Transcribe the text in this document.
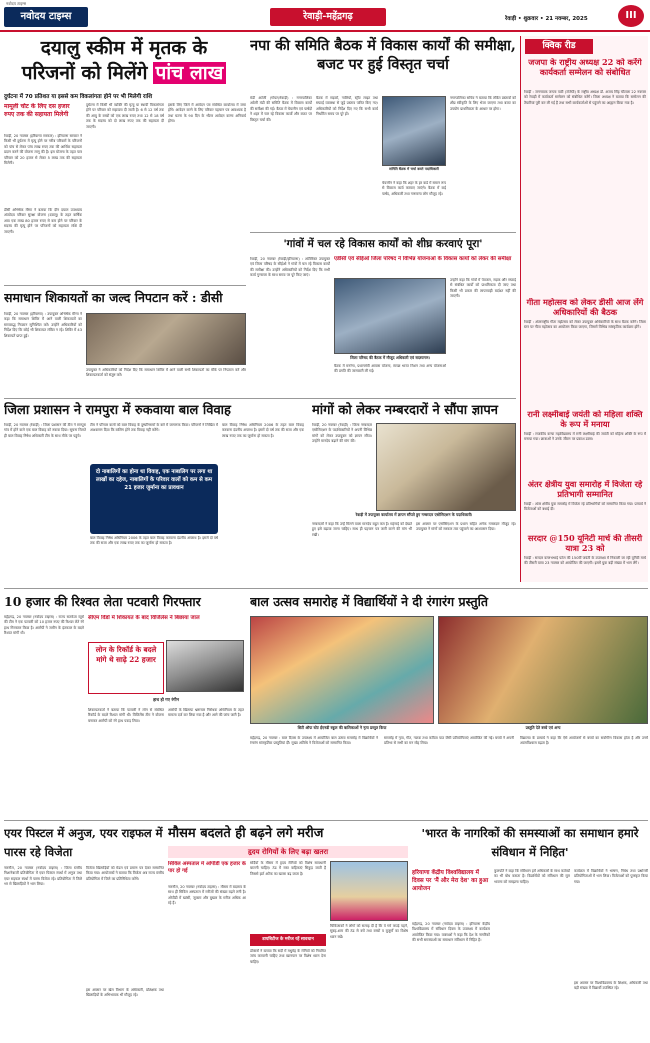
नवोदय टाइम्स
नवोदय टाइम्स	रेवाड़ी-महेंद्रगढ़	रेवाड़ी • शुक्रवार • 21 नवम्बर, 2025	III
दयालु स्कीम में मृतक के
परिजनों को मिलेंगे पांच लाख
दुर्घटना में 70 प्रतिशत या इससे कम विकलांगता होने पर भी मिलेगी राशि
मामूली चोट के लिए दस हजार रुपए तक की सहायता मिलेगी
रेवाड़ी, 20 नवम्बर (हरियाणा सरकार) : हरियाणा सरकार ने किसी भी दुर्घटना में मृत्यु होने पर गरीब परिवारों के परिजनों को पांच से लेकर पांच लाख रुपए तक की आर्थिक सहायता प्रदान करने की योजना लागू की है। इस योजना के तहत पात्र परिवार को 20 हजार से लेकर 5 लाख तक की सहायता मिलेगी।
डीसी अभिषेक मीणा ने बताया कि दीन दयाल उपाध्याय अंत्योदय परिवार सुरक्षा योजना (दयालु) के तहत वार्षिक आय एक लाख 80 हजार रुपए से कम होने पर परिवार के सदस्य की मृत्यु होने पर परिजनों को सहायता राशि दी जाएगी।
दुर्घटना में किसी भी व्यक्ति की मृत्यु या स्थायी विकलांगता होने पर परिवार को सहायता दी जाती है। 6 से 12 वर्ष तक की आयु के बच्चों को एक लाख रुपए तथा 12 से 18 वर्ष तक के सदस्य को दो लाख रुपए तक की सहायता दी जाएगी।
इसके लिए जिले में आवेदन पत्र संबंधित कार्यालय में जमा होंगे। आवेदन करने के लिए परिवार पहचान पत्र आवश्यक है तथा घटना के 90 दिन के भीतर आवेदन करना अनिवार्य होगा।
समाधान शिकायतों का जल्द निपटान करें : डीसी
रेवाड़ी, 20 नवम्बर (हरियाणा) : उपायुक्त अभिषेक मीणा ने कहा कि समाधान शिविर में आने वाली शिकायतों का समयबद्ध निपटान सुनिश्चित करें। उन्होंने अधिकारियों को निर्देश दिए कि कोई भी शिकायत लंबित न रहे। शिविर में 43 शिकायतें प्राप्त हुईं।
उपायुक्त ने अधिकारियों को निर्देश दिए कि समाधान शिविर में आने वाली सभी शिकायतों का मौके पर निपटारा करें और शिकायतकर्ता को संतुष्ट करें।
नपा की समिति बैठक में विकास कार्यों की समीक्षा, बजट पर हुई विस्तृत चर्चा
मंडी अटेली (गोयल/रेवाड़ी) : नगरपालिका अटेली मंडी की समिति बैठक में विकास कार्यों की समीक्षा की गई। बैठक में चेयरमैन एवं पार्षदों ने शहर में चल रहे विकास कार्यों और बजट पर विस्तृत चर्चा की।
बैठक में सड़कों, नालियों, स्ट्रीट लाइट तथा सफाई व्यवस्था से जुड़े प्रस्ताव पारित किए गए। अधिकारियों को निर्देश दिए गए कि सभी कार्य निर्धारित समय पर पूरे हों।
समिति बैठक में चर्चा करते पदाधिकारी
चेयरमैन ने कहा कि शहर के हर वार्ड में समान रूप से विकास कार्य करवाए जाएंगे। बैठक में कई पार्षद, अधिकारी तथा गणमान्य लोग मौजूद रहे।
नगरपालिका सचिव ने बताया कि लंबित प्रस्तावों को शीघ्र स्वीकृति के लिए भेजा जाएगा तथा बजट का उपयोग प्राथमिकता के आधार पर होगा।
'गांवों में चल रहे विकास कार्यों को शीघ्र करवाएं पूरा'
एडीसी एवं सीईओ जिला परिषद ने विभिन्न योजनाओं के विकास कार्यों को लेकर की समीक्षा
रेवाड़ी, 20 नवम्बर (रेवाड़ी/हरियाणा) : अतिरिक्त उपायुक्त एवं जिला परिषद के सीईओ ने गांवों में चल रहे विकास कार्यों की समीक्षा की। उन्होंने अधिकारियों को निर्देश दिए कि सभी कार्य गुणवत्ता के साथ समय पर पूरे किए जाएं।
जिला परिषद की बैठक में मौजूद अधिकारी एवं सदस्यगण।
बैठक में मनरेगा, प्रधानमंत्री आवास योजना, स्वच्छ भारत मिशन तथा अन्य योजनाओं की प्रगति की जानकारी ली गई।
उन्होंने कहा कि गांवों में पेयजल, सड़क और सफाई से संबंधित कार्यों को प्राथमिकता दी जाए तथा किसी भी प्रकार की लापरवाही बर्दाश्त नहीं की जाएगी।
क्विक रीड
जजपा के राष्ट्रीय अध्यक्ष 22 को करेंगे कार्यकर्ता सम्मेलन को संबोधित
रेवाड़ी : जननायक जनता पार्टी (जेजेपी) के राष्ट्रीय अध्यक्ष डॉ. अजय सिंह चौटाला 22 नवम्बर को रेवाड़ी में कार्यकर्ता सम्मेलन को संबोधित करेंगे। जिला अध्यक्ष ने बताया कि सम्मेलन की तैयारियां पूरी कर ली गई हैं तथा सभी कार्यकर्ताओं से पहुंचने का आह्वान किया गया है।
गीता महोत्सव को लेकर डीसी आज लेंगे अधिकारियों की बैठक
रेवाड़ी : अंतरराष्ट्रीय गीता महोत्सव को लेकर उपायुक्त अधिकारियों के साथ बैठक करेंगे। जिला स्तर पर गीता महोत्सव का आयोजन किया जाएगा, जिसमें विभिन्न सांस्कृतिक कार्यक्रम होंगे।
रानी लक्ष्मीबाई जयंती को महिला शक्ति के रूप में मनाया
रेवाड़ी : राजकीय कन्या महाविद्यालय में रानी लक्ष्मीबाई की जयंती को महिला शक्ति के रूप में मनाया गया। छात्राओं ने उनके जीवन पर प्रकाश डाला।
अंतर क्षेत्रीय युवा समारोह में विजेता रहे प्रतिभागी सम्मानित
रेवाड़ी : अंतर क्षेत्रीय युवा समारोह में विजेता रहे प्रतिभागियों को सम्मानित किया गया। प्राचार्य ने विजेताओं को बधाई दी।
सरदार @150 यूनिटी मार्च की तीसरी यात्रा 23 को
रेवाड़ी : सरदार वल्लभभाई पटेल की 150वीं जयंती के उपलक्ष्य में निकाली जा रही यूनिटी मार्च की तीसरी यात्रा 23 नवम्बर को आयोजित की जाएगी। इसमें युवा बड़ी संख्या में भाग लेंगे।
जिला प्रशासन ने रामपुरा में रुकवाया बाल विवाह
रेवाड़ी, 20 नवम्बर (रेवाड़ी) : जिला प्रशासन की टीम ने रामपुरा गांव में होने वाले एक बाल विवाह को रुकवा दिया। सूचना मिलते ही बाल विवाह निषेध अधिकारी टीम के साथ मौके पर पहुंचे।
दो नाबालिगों का होना था विवाह, एक नाबालिग पर लगा था लाखों का दहेज, नाबालिगों के परिवार वालों को कम से कम 21 हजार जुर्माना का प्रावधान
टीम ने परिवार वालों को बाल विवाह के दुष्परिणामों के बारे में जागरूक किया। परिजनों ने लिखित में आश्वासन दिया कि बालिग होने तक विवाह नहीं करेंगे।
बाल विवाह निषेध अधिनियम 2006 के तहत बाल विवाह करवाना दंडनीय अपराध है। इसमें दो वर्ष तक की सजा और एक लाख रुपए तक का जुर्माना हो सकता है।
बाल विवाह निषेध अधिनियम 2006 के तहत बाल विवाह करवाना दंडनीय अपराध है। इसमें दो वर्ष तक की सजा और एक लाख रुपए तक का जुर्माना हो सकता है।
मांगों को लेकर नम्बरदारों ने सौंपा ज्ञापन
रेवाड़ी, 20 नवम्बर (रेवाड़ी) : जिला नम्बरदार एसोसिएशन के पदाधिकारियों ने अपनी विभिन्न मांगों को लेकर उपायुक्त को ज्ञापन सौंपा। उन्होंने मानदेय बढ़ाने की मांग की।
रेवाड़ी में उपायुक्त कार्यालय में ज्ञापन सौंपते हुए नम्बरदार एसोसिएशन के पदाधिकारी।
नम्बरदारों ने कहा कि उन्हें मिलने वाला मानदेय बहुत कम है। महंगाई को देखते हुए इसे बढ़ाया जाना चाहिए। साथ ही पहचान पत्र जारी करने की मांग भी रखी।
इस अवसर पर एसोसिएशन के प्रधान सहित अनेक नम्बरदार मौजूद रहे। उपायुक्त ने मांगों को सरकार तक पहुंचाने का आश्वासन दिया।
10 हजार की रिश्वत लेता पटवारी गिरफ्तार
महेंद्रगढ़, 20 नवम्बर (नवोदय टाइम्स) : राज्य सतर्कता ब्यूरो की टीम ने एक पटवारी को 10 हजार रुपए की रिश्वत लेते रंगे हाथ गिरफ्तार किया है। आरोपी ने जमीन के इंतकाल के बदले रिश्वत मांगी थी।
सीएम विंडो में शिकायत के बाद विजिलेंस ने बिछाया जाल
लोन के रिकॉर्ड के बदले मांगे थे साढ़े 22 हजार
हाथ हो गए रंगीन
शिकायतकर्ता ने बताया कि पटवारी ने लोन से संबंधित रिकॉर्ड के बदले रिश्वत मांगी थी। विजिलेंस टीम ने योजना बनाकर आरोपी को रंगे हाथ पकड़ लिया।
आरोपी के खिलाफ भ्रष्टाचार निरोधक अधिनियम के तहत मामला दर्ज कर लिया गया है और आगे की जांच जारी है।
बाल उत्सव समारोह में विद्यार्थियों ने दी रंगारंग प्रस्तुति
सिटी ऑफ स्टेट ईएनडी स्कूल की बालिकाओं ने नृत्य प्रस्तुत किया	प्रस्तुति देते बच्चे एवं अन्य
महेंद्रगढ़, 20 नवम्बर : बाल दिवस के उपलक्ष्य में आयोजित बाल उत्सव समारोह में विद्यार्थियों ने रंगारंग सांस्कृतिक प्रस्तुतियां दीं। मुख्य अतिथि ने विजेताओं को सम्मानित किया।
समारोह में नृत्य, गीत, नाटक तथा कविता पाठ जैसी प्रतियोगिताएं आयोजित की गईं। बच्चों ने अपनी प्रतिभा से सभी का मन मोह लिया।
विद्यालय के प्राचार्य ने कहा कि ऐसे आयोजनों से बच्चों का सर्वांगीण विकास होता है और उनमें आत्मविश्वास बढ़ता है।
एयर पिस्टल में अनुज, एयर राइफल में पारस रहे विजेता
नारनौल, 20 नवम्बर (नवोदय टाइम्स) : जिला स्तरीय निशानेबाजी प्रतियोगिता में एयर पिस्टल स्पर्धा में अनुज तथा एयर राइफल स्पर्धा में पारस विजेता रहे। प्रतियोगिता में जिले भर से खिलाड़ियों ने भाग लिया।
विजेता खिलाड़ियों को मेडल एवं प्रमाण पत्र देकर सम्मानित किया गया। आयोजकों ने बताया कि विजेता अब राज्य स्तरीय प्रतियोगिता में जिले का प्रतिनिधित्व करेंगे।
इस अवसर पर खेल विभाग के अधिकारी, प्रशिक्षक तथा खिलाड़ियों के अभिभावक भी मौजूद रहे।
मौसम बदलते ही बढ़ने लगे मरीज
हृदय रोगियों के लिए बढ़ा खतरा
सिविल अस्पताल में ओपीडी एक हजार के पार हो गई
नारनौल, 20 नवम्बर (नवोदय टाइम्स) : मौसम में बदलाव के साथ ही सिविल अस्पताल में मरीजों की संख्या बढ़ने लगी है। ओपीडी में खांसी, जुकाम और बुखार के मरीज अधिक आ रहे हैं।
सर्दियों के मौसम में हृदय रोगियों को विशेष सावधानी बरतनी चाहिए। ठंड में रक्त वाहिकाएं सिकुड़ जाती हैं जिससे हार्ट अटैक का खतरा बढ़ जाता है।
डायबिटीज के मरीज रहें सावधान
डॉक्टरों ने बताया कि सर्दी में मधुमेह के रोगियों को नियमित जांच करवानी चाहिए तथा खानपान पर विशेष ध्यान देना चाहिए।
चिकित्सकों ने लोगों को सलाह दी है कि वे गर्म कपड़े पहनें, सुबह-शाम की ठंड से बचें तथा बच्चों व बुजुर्गों का विशेष ध्यान रखें।
'भारत के नागरिकों की समस्याओं का समाधान हमारे संविधान में निहित'
हरियाणा केंद्रीय विश्वविद्यालय में दिवस पर 'मैं और मेरा देश' का हुआ आयोजन
महेंद्रगढ़, 20 नवम्बर (नवोदय टाइम्स) : हरियाणा केंद्रीय विश्वविद्यालय में संविधान दिवस के उपलक्ष्य में कार्यक्रम आयोजित किया गया। वक्ताओं ने कहा कि देश के नागरिकों की सभी समस्याओं का समाधान संविधान में निहित है।
कुलपति ने कहा कि संविधान हमें अधिकारों के साथ कर्तव्यों का भी बोध कराता है। विद्यार्थियों को संविधान की मूल भावना को समझना चाहिए।
कार्यक्रम में विद्यार्थियों ने भाषण, निबंध तथा प्रश्नोत्तरी प्रतियोगिताओं में भाग लिया। विजेताओं को पुरस्कृत किया गया।
इस अवसर पर विश्वविद्यालय के शिक्षक, अधिकारी तथा बड़ी संख्या में विद्यार्थी उपस्थित रहे।
